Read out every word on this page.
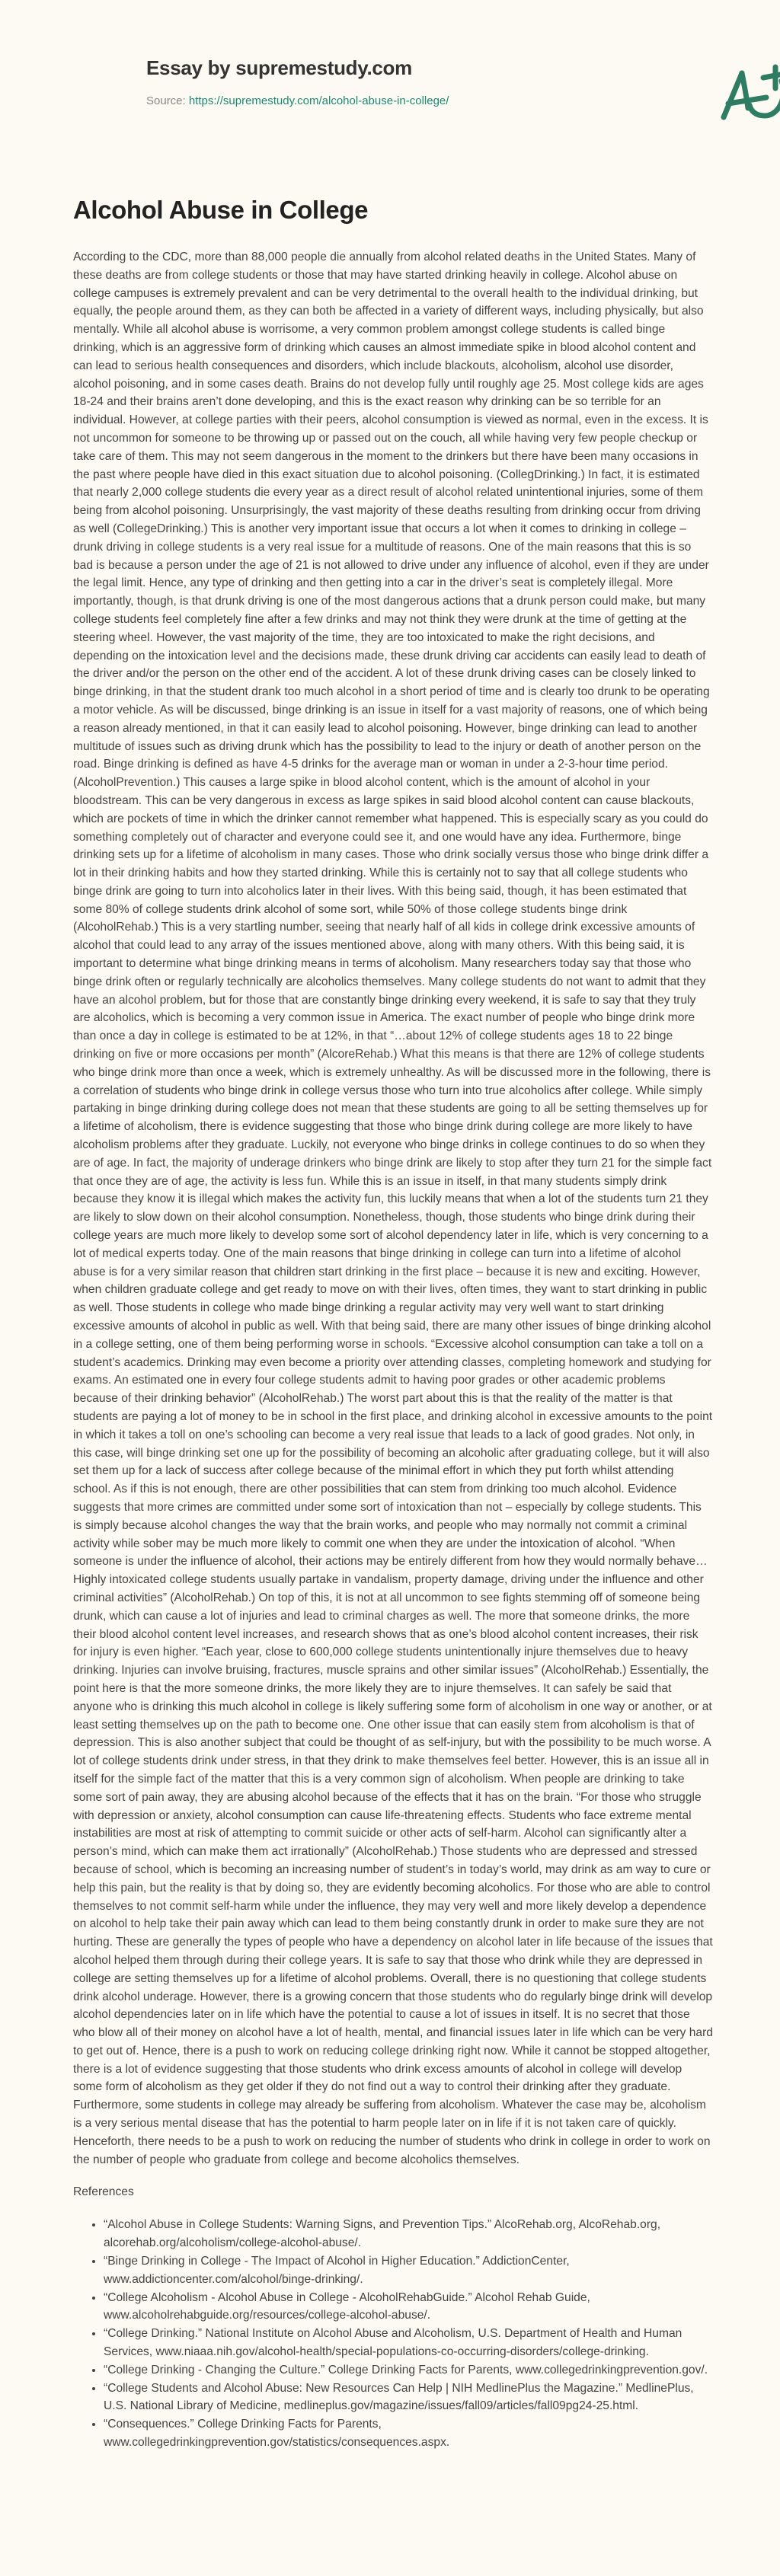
Essay by supremestudy.com
Source: https://supremestudy.com/alcohol-abuse-in-college/
Alcohol Abuse in College

According to the CDC, more than 88,000 people die annually from alcohol related deaths in the United States. Many of these deaths are from college students or those that may have started drinking heavily in college. Alcohol abuse on college campuses is extremely prevalent and can be very detrimental to the overall health to the individual drinking, but equally, the people around them, as they can both be affected in a variety of different ways, including physically, but also mentally. While all alcohol abuse is worrisome, a very common problem amongst college students is called binge drinking, which is an aggressive form of drinking which causes an almost immediate spike in blood alcohol content and can lead to serious health consequences and disorders, which include blackouts, alcoholism, alcohol use disorder, alcohol poisoning, and in some cases death. Brains do not develop fully until roughly age 25. Most college kids are ages 18-24 and their brains aren’t done developing, and this is the exact reason why drinking can be so terrible for an individual. However, at college parties with their peers, alcohol consumption is viewed as normal, even in the excess. It is not uncommon for someone to be throwing up or passed out on the couch, all while having very few people checkup or take care of them. This may not seem dangerous in the moment to the drinkers but there have been many occasions in the past where people have died in this exact situation due to alcohol poisoning. (CollegDrinking.) In fact, it is estimated that nearly 2,000 college students die every year as a direct result of alcohol related unintentional injuries, some of them being from alcohol poisoning. Unsurprisingly, the vast majority of these deaths resulting from drinking occur from driving as well (CollegeDrinking.) This is another very important issue that occurs a lot when it comes to drinking in college – drunk driving in college students is a very real issue for a multitude of reasons. One of the main reasons that this is so bad is because a person under the age of 21 is not allowed to drive under any influence of alcohol, even if they are under the legal limit. Hence, any type of drinking and then getting into a car in the driver’s seat is completely illegal. More importantly, though, is that drunk driving is one of the most dangerous actions that a drunk person could make, but many college students feel completely fine after a few drinks and may not think they were drunk at the time of getting at the steering wheel. However, the vast majority of the time, they are too intoxicated to make the right decisions, and depending on the intoxication level and the decisions made, these drunk driving car accidents can easily lead to death of the driver and/or the person on the other end of the accident. A lot of these drunk driving cases can be closely linked to binge drinking, in that the student drank too much alcohol in a short period of time and is clearly too drunk to be operating a motor vehicle. As will be discussed, binge drinking is an issue in itself for a vast majority of reasons, one of which being a reason already mentioned, in that it can easily lead to alcohol poisoning. However, binge drinking can lead to another multitude of issues such as driving drunk which has the possibility to lead to the injury or death of another person on the road. Binge drinking is defined as have 4-5 drinks for the average man or woman in under a 2-3-hour time period. (AlcoholPrevention.) This causes a large spike in blood alcohol content, which is the amount of alcohol in your bloodstream. This can be very dangerous in excess as large spikes in said blood alcohol content can cause blackouts, which are pockets of time in which the drinker cannot remember what happened. This is especially scary as you could do something completely out of character and everyone could see it, and one would have any idea. Furthermore, binge drinking sets up for a lifetime of alcoholism in many cases. Those who drink socially versus those who binge drink differ a lot in their drinking habits and how they started drinking. While this is certainly not to say that all college students who binge drink are going to turn into alcoholics later in their lives. With this being said, though, it has been estimated that some 80% of college students drink alcohol of some sort, while 50% of those college students binge drink (AlcoholRehab.) This is a very startling number, seeing that nearly half of all kids in college drink excessive amounts of alcohol that could lead to any array of the issues mentioned above, along with many others. With this being said, it is important to determine what binge drinking means in terms of alcoholism. Many researchers today say that those who binge drink often or regularly technically are alcoholics themselves. Many college students do not want to admit that they have an alcohol problem, but for those that are constantly binge drinking every weekend, it is safe to say that they truly are alcoholics, which is becoming a very common issue in America. The exact number of people who binge drink more than once a day in college is estimated to be at 12%, in that “…about 12% of college students ages 18 to 22 binge drinking on five or more occasions per month” (AlcoreRehab.) What this means is that there are 12% of college students who binge drink more than once a week, which is extremely unhealthy. As will be discussed more in the following, there is a correlation of students who binge drink in college versus those who turn into true alcoholics after college. While simply partaking in binge drinking during college does not mean that these students are going to all be setting themselves up for a lifetime of alcoholism, there is evidence suggesting that those who binge drink during college are more likely to have alcoholism problems after they graduate. Luckily, not everyone who binge drinks in college continues to do so when they are of age. In fact, the majority of underage drinkers who binge drink are likely to stop after they turn 21 for the simple fact that once they are of age, the activity is less fun. While this is an issue in itself, in that many students simply drink because they know it is illegal which makes the activity fun, this luckily means that when a lot of the students turn 21 they are likely to slow down on their alcohol consumption. Nonetheless, though, those students who binge drink during their college years are much more likely to develop some sort of alcohol dependency later in life, which is very concerning to a lot of medical experts today. One of the main reasons that binge drinking in college can turn into a lifetime of alcohol abuse is for a very similar reason that children start drinking in the first place – because it is new and exciting. However, when children graduate college and get ready to move on with their lives, often times, they want to start drinking in public as well. Those students in college who made binge drinking a regular activity may very well want to start drinking excessive amounts of alcohol in public as well. With that being said, there are many other issues of binge drinking alcohol in a college setting, one of them being performing worse in schools. “Excessive alcohol consumption can take a toll on a student’s academics. Drinking may even become a priority over attending classes, completing homework and studying for exams. An estimated one in every four college students admit to having poor grades or other academic problems because of their drinking behavior” (AlcoholRehab.) The worst part about this is that the reality of the matter is that students are paying a lot of money to be in school in the first place, and drinking alcohol in excessive amounts to the point in which it takes a toll on one’s schooling can become a very real issue that leads to a lack of good grades. Not only, in this case, will binge drinking set one up for the possibility of becoming an alcoholic after graduating college, but it will also set them up for a lack of success after college because of the minimal effort in which they put forth whilst attending school. As if this is not enough, there are other possibilities that can stem from drinking too much alcohol. Evidence suggests that more crimes are committed under some sort of intoxication than not – especially by college students. This is simply because alcohol changes the way that the brain works, and people who may normally not commit a criminal activity while sober may be much more likely to commit one when they are under the intoxication of alcohol. “When someone is under the influence of alcohol, their actions may be entirely different from how they would normally behave…Highly intoxicated college students usually partake in vandalism, property damage, driving under the influence and other criminal activities” (AlcoholRehab.) On top of this, it is not at all uncommon to see fights stemming off of someone being drunk, which can cause a lot of injuries and lead to criminal charges as well. The more that someone drinks, the more their blood alcohol content level increases, and research shows that as one’s blood alcohol content increases, their risk for injury is even higher. “Each year, close to 600,000 college students unintentionally injure themselves due to heavy drinking. Injuries can involve bruising, fractures, muscle sprains and other similar issues” (AlcoholRehab.) Essentially, the point here is that the more someone drinks, the more likely they are to injure themselves. It can safely be said that anyone who is drinking this much alcohol in college is likely suffering some form of alcoholism in one way or another, or at least setting themselves up on the path to become one. One other issue that can easily stem from alcoholism is that of depression. This is also another subject that could be thought of as self-injury, but with the possibility to be much worse. A lot of college students drink under stress, in that they drink to make themselves feel better. However, this is an issue all in itself for the simple fact of the matter that this is a very common sign of alcoholism. When people are drinking to take some sort of pain away, they are abusing alcohol because of the effects that it has on the brain. “For those who struggle with depression or anxiety, alcohol consumption can cause life-threatening effects. Students who face extreme mental instabilities are most at risk of attempting to commit suicide or other acts of self-harm. Alcohol can significantly alter a person’s mind, which can make them act irrationally” (AlcoholRehab.) Those students who are depressed and stressed because of school, which is becoming an increasing number of student’s in today’s world, may drink as am way to cure or help this pain, but the reality is that by doing so, they are evidently becoming alcoholics. For those who are able to control themselves to not commit self-harm while under the influence, they may very well and more likely develop a dependence on alcohol to help take their pain away which can lead to them being constantly drunk in order to make sure they are not hurting. These are generally the types of people who have a dependency on alcohol later in life because of the issues that alcohol helped them through during their college years. It is safe to say that those who drink while they are depressed in college are setting themselves up for a lifetime of alcohol problems. Overall, there is no questioning that college students drink alcohol underage. However, there is a growing concern that those students who do regularly binge drink will develop alcohol dependencies later on in life which have the potential to cause a lot of issues in itself. It is no secret that those who blow all of their money on alcohol have a lot of health, mental, and financial issues later in life which can be very hard to get out of. Hence, there is a push to work on reducing college drinking right now. While it cannot be stopped altogether, there is a lot of evidence suggesting that those students who drink excess amounts of alcohol in college will develop some form of alcoholism as they get older if they do not find out a way to control their drinking after they graduate. Furthermore, some students in college may already be suffering from alcoholism. Whatever the case may be, alcoholism is a very serious mental disease that has the potential to harm people later on in life if it is not taken care of quickly. Henceforth, there needs to be a push to work on reducing the number of students who drink in college in order to work on the number of people who graduate from college and become alcoholics themselves.

References

• “Alcohol Abuse in College Students: Warning Signs, and Prevention Tips.” AlcoRehab.org, AlcoRehab.org, alcorehab.org/alcoholism/college-alcohol-abuse/.
• “Binge Drinking in College - The Impact of Alcohol in Higher Education.” AddictionCenter, www.addictioncenter.com/alcohol/binge-drinking/.
• “College Alcoholism - Alcohol Abuse in College - AlcoholRehabGuide.” Alcohol Rehab Guide, www.alcoholrehabguide.org/resources/college-alcohol-abuse/.
• “College Drinking.” National Institute on Alcohol Abuse and Alcoholism, U.S. Department of Health and Human Services, www.niaaa.nih.gov/alcohol-health/special-populations-co-occurring-disorders/college-drinking.
• “College Drinking - Changing the Culture.” College Drinking Facts for Parents, www.collegedrinkingprevention.gov/.
• “College Students and Alcohol Abuse: New Resources Can Help | NIH MedlinePlus the Magazine.” MedlinePlus, U.S. National Library of Medicine, medlineplus.gov/magazine/issues/fall09/articles/fall09pg24-25.html.
• “Consequences.” College Drinking Facts for Parents, www.collegedrinkingprevention.gov/statistics/consequences.aspx.
